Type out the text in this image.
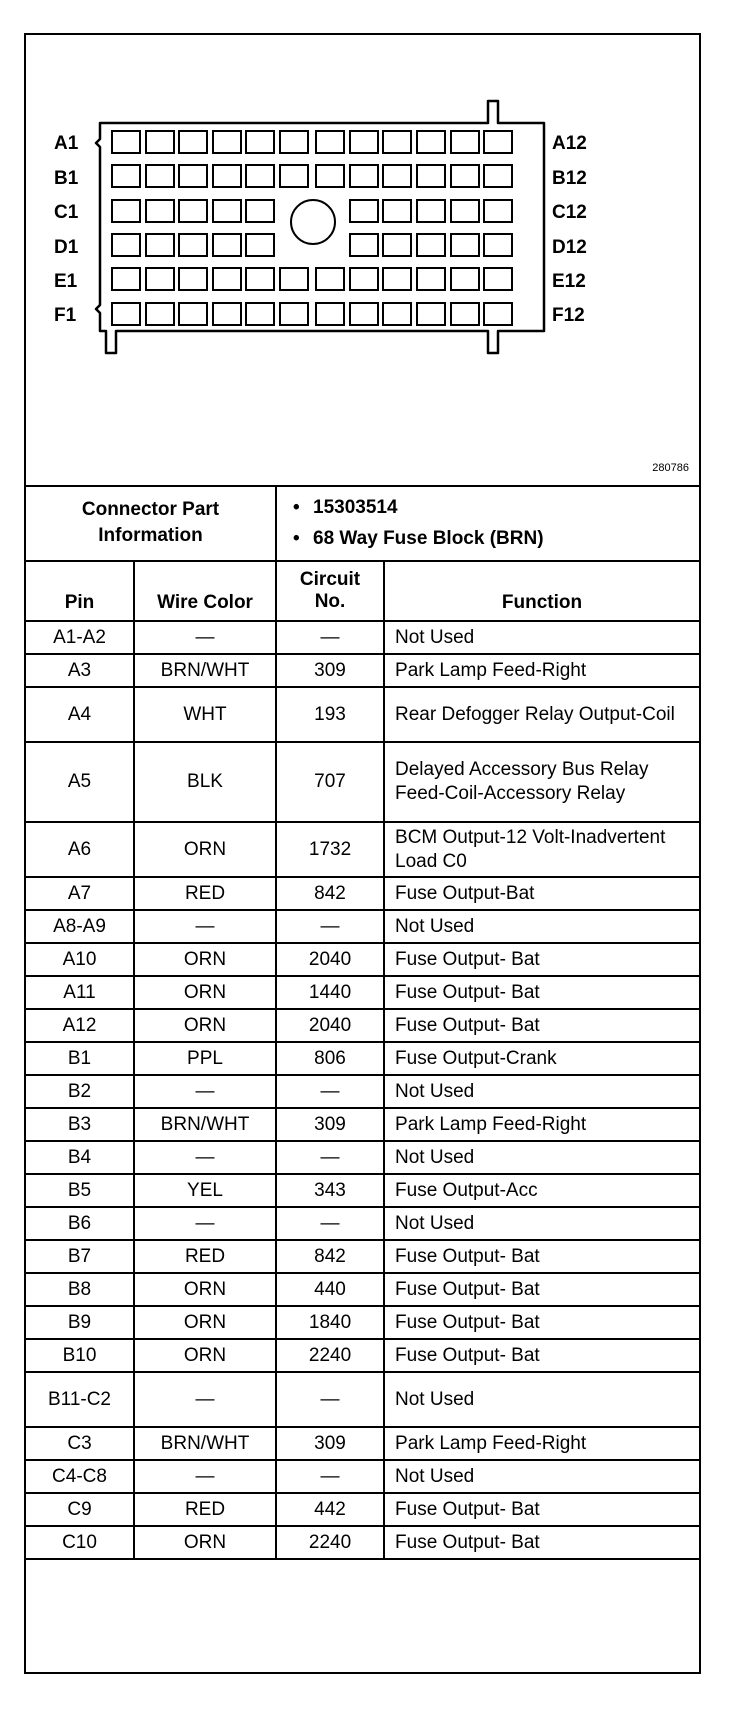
A1
B1
C1
D1
E1
F1
A12
B12
C12
D12
E12
F12
280786
Connector Part Information		• 15303514
• 68 Way Fuse Block (BRN)

Pin	Wire Color	Circuit No.	Function
A1-A2	—	—	Not Used
A3	BRN/WHT	309	Park Lamp Feed-Right
A4	WHT	193	Rear Defogger Relay Output-Coil
A5	BLK	707	Delayed Accessory Bus Relay Feed-Coil-Accessory Relay
A6	ORN	1732	BCM Output-12 Volt-Inadvertent Load C0
A7	RED	842	Fuse Output-Bat
A8-A9	—	—	Not Used
A10	ORN	2040	Fuse Output- Bat
A11	ORN	1440	Fuse Output- Bat
A12	ORN	2040	Fuse Output- Bat
B1	PPL	806	Fuse Output-Crank
B2	—	—	Not Used
B3	BRN/WHT	309	Park Lamp Feed-Right
B4	—	—	Not Used
B5	YEL	343	Fuse Output-Acc
B6	—	—	Not Used
B7	RED	842	Fuse Output- Bat
B8	ORN	440	Fuse Output- Bat
B9	ORN	1840	Fuse Output- Bat
B10	ORN	2240	Fuse Output- Bat
B11-C2	—	—	Not Used
C3	BRN/WHT	309	Park Lamp Feed-Right
C4-C8	—	—	Not Used
C9	RED	442	Fuse Output- Bat
C10	ORN	2240	Fuse Output- Bat
